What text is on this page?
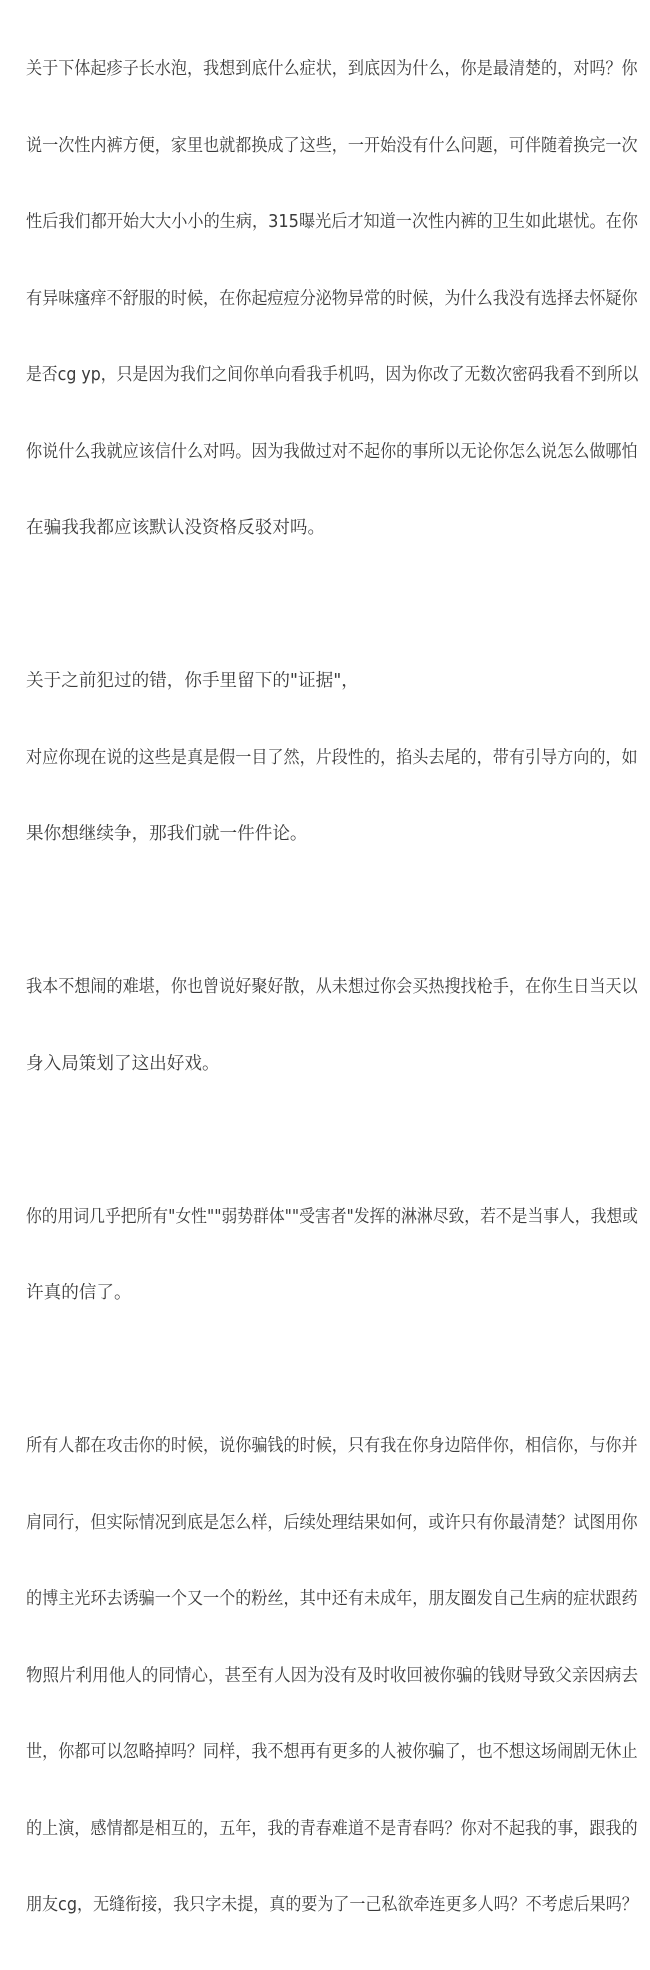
关于下体起疹子长水泡，我想到底什么症状，到底因为什么，你是最清楚的，对吗？你

说一次性内裤方便，家里也就都换成了这些，一开始没有什么问题，可伴随着换完一次

性后我们都开始大大小小的生病，315曝光后才知道一次性内裤的卫生如此堪忧。在你

有异味瘙痒不舒服的时候，在你起痘痘分泌物异常的时候，为什么我没有选择去怀疑你

是否cg yp，只是因为我们之间你单向看我手机吗，因为你改了无数次密码我看不到所以

你说什么我就应该信什么对吗。因为我做过对不起你的事所以无论你怎么说怎么做哪怕

在骗我我都应该默认没资格反驳对吗。

关于之前犯过的错，你手里留下的"证据"，

对应你现在说的这些是真是假一目了然，片段性的，掐头去尾的，带有引导方向的，如

果你想继续争，那我们就一件件论。

我本不想闹的难堪，你也曾说好聚好散，从未想过你会买热搜找枪手，在你生日当天以

身入局策划了这出好戏。

你的用词几乎把所有"女性""弱势群体""受害者"发挥的淋淋尽致，若不是当事人，我想或

许真的信了。

所有人都在攻击你的时候，说你骗钱的时候，只有我在你身边陪伴你，相信你，与你并

肩同行，但实际情况到底是怎么样，后续处理结果如何，或许只有你最清楚？试图用你

的博主光环去诱骗一个又一个的粉丝，其中还有未成年，朋友圈发自己生病的症状跟药

物照片利用他人的同情心，甚至有人因为没有及时收回被你骗的钱财导致父亲因病去

世，你都可以忽略掉吗？同样，我不想再有更多的人被你骗了，也不想这场闹剧无休止

的上演，感情都是相互的，五年，我的青春难道不是青春吗？你对不起我的事，跟我的

朋友cg，无缝衔接，我只字未提，真的要为了一己私欲牵连更多人吗？不考虑后果吗？
